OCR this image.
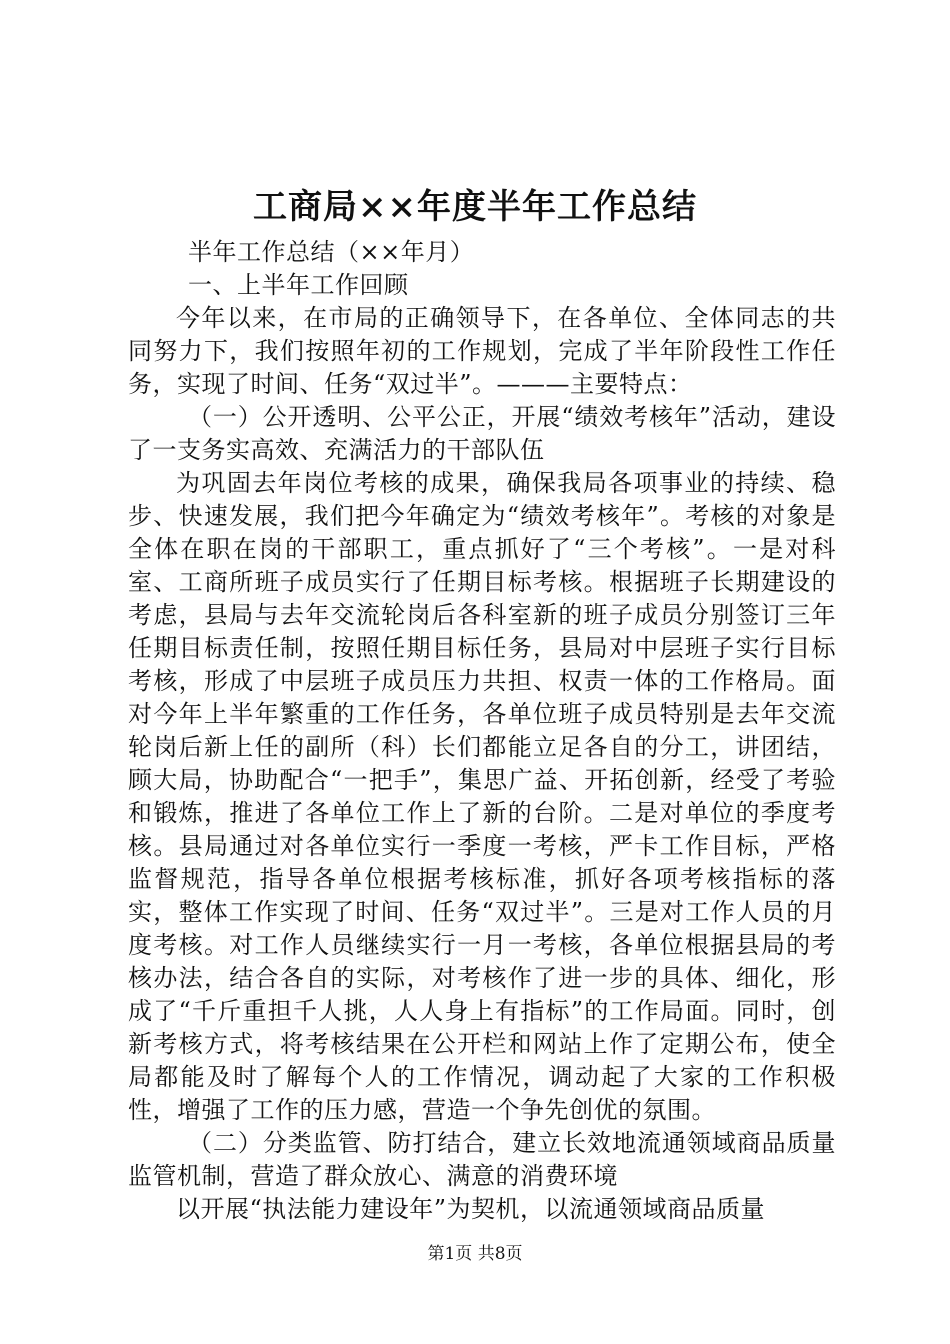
工商局××年度半年工作总结

半年工作总结（××年月）

一、上半年工作回顾

今年以来，在市局的正确领导下，在各单位、全体同志的共同努力下，我们按照年初的工作规划，完成了半年阶段性工作任务，实现了时间、任务“双过半”。———主要特点：

（一）公开透明、公平公正，开展“绩效考核年”活动，建设了一支务实高效、充满活力的干部队伍

为巩固去年岗位考核的成果，确保我局各项事业的持续、稳步、快速发展，我们把今年确定为“绩效考核年”。考核的对象是全体在职在岗的干部职工，重点抓好了“三个考核”。一是对科室、工商所班子成员实行了任期目标考核。根据班子长期建设的考虑，县局与去年交流轮岗后各科室新的班子成员分别签订三年任期目标责任制，按照任期目标任务，县局对中层班子实行目标考核，形成了中层班子成员压力共担、权责一体的工作格局。面对今年上半年繁重的工作任务，各单位班子成员特别是去年交流轮岗后新上任的副所（科）长们都能立足各自的分工，讲团结，顾大局，协助配合“一把手”，集思广益、开拓创新，经受了考验和锻炼，推进了各单位工作上了新的台阶。二是对单位的季度考核。县局通过对各单位实行一季度一考核，严卡工作目标，严格监督规范，指导各单位根据考核标准，抓好各项考核指标的落实，整体工作实现了时间、任务“双过半”。三是对工作人员的月度考核。对工作人员继续实行一月一考核，各单位根据县局的考核办法，结合各自的实际，对考核作了进一步的具体、细化，形成了“千斤重担千人挑，人人身上有指标”的工作局面。同时，创新考核方式，将考核结果在公开栏和网站上作了定期公布，使全局都能及时了解每个人的工作情况，调动起了大家的工作积极性，增强了工作的压力感，营造一个争先创优的氛围。

（二）分类监管、防打结合，建立长效地流通领域商品质量监管机制，营造了群众放心、满意的消费环境

以开展“执法能力建设年”为契机，以流通领域商品质量

第1页 共8页
